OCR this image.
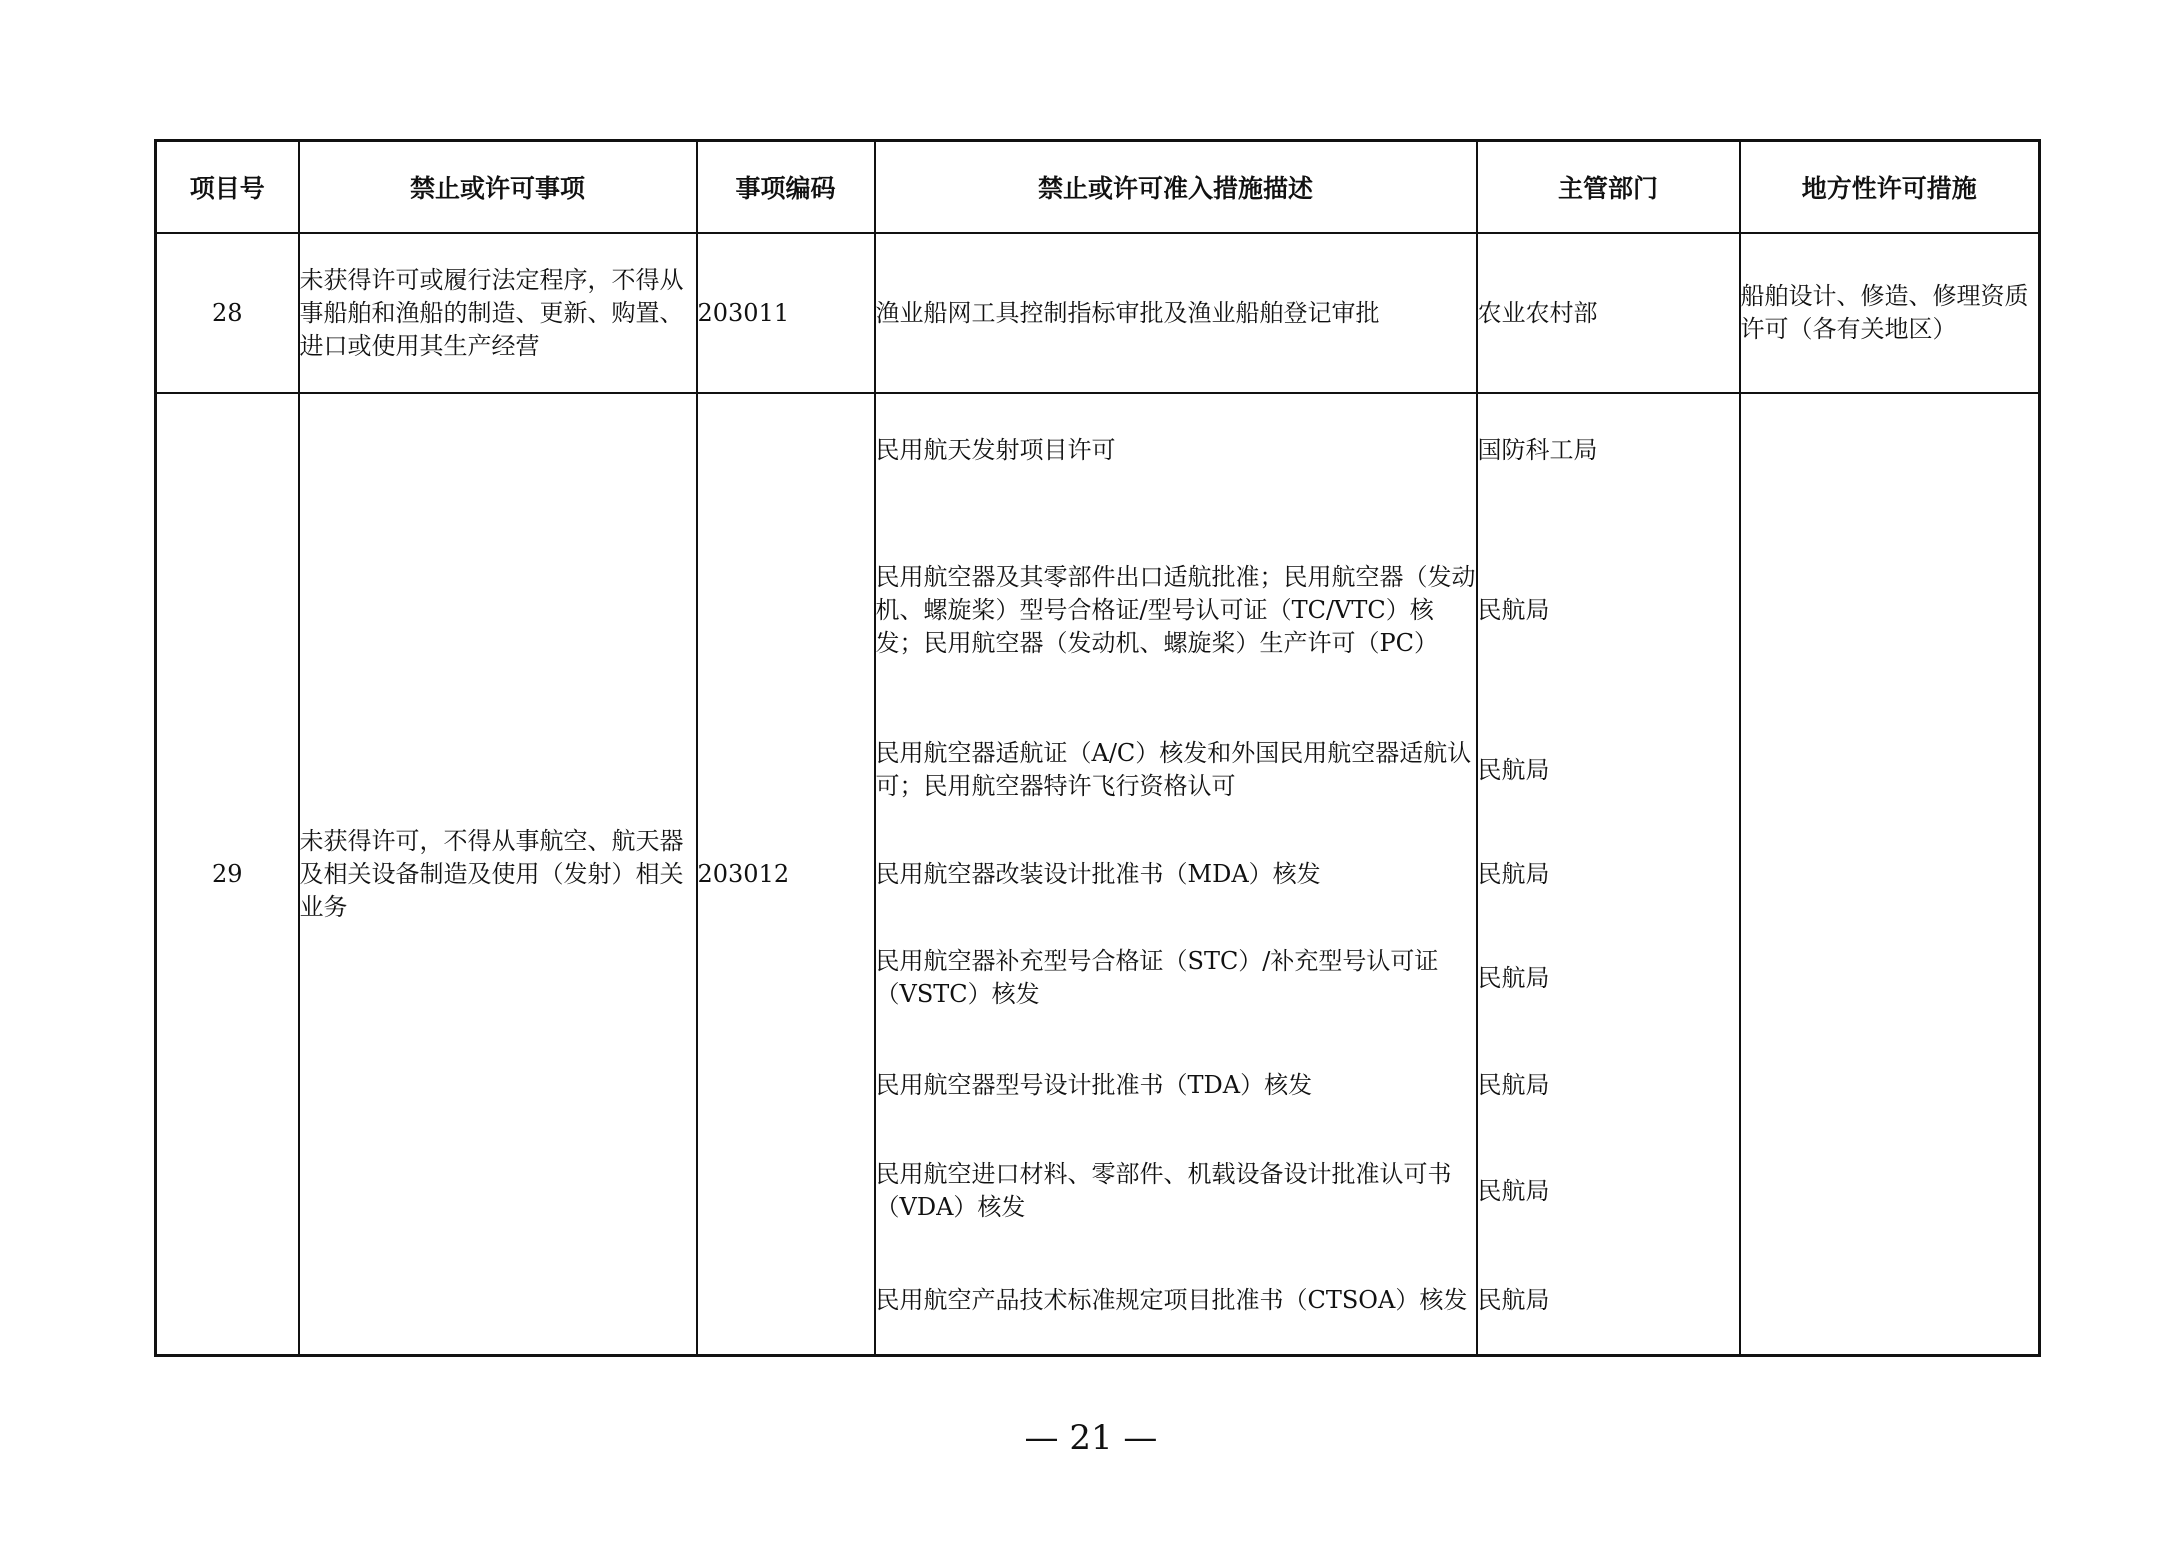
项目号	禁止或许可事项	事项编码	禁止或许可准入措施描述	主管部门	地方性许可措施
28	未获得许可或履行法定程序，不得从事船舶和渔船的制造、更新、购置、进口或使用其生产经营	203011	渔业船网工具控制指标审批及渔业船舶登记审批	农业农村部	船舶设计、修造、修理资质许可（各有关地区）
29	未获得许可，不得从事航空、航天器及相关设备制造及使用（发射）相关业务	203012	民用航天发射项目许可	国防科工局	
			民用航空器及其零部件出口适航批准；民用航空器（发动机、螺旋桨）型号合格证/型号认可证（TC/VTC）核发；民用航空器（发动机、螺旋桨）生产许可（PC）	民航局	
			民用航空器适航证（A/C）核发和外国民用航空器适航认可；民用航空器特许飞行资格认可	民航局	
			民用航空器改装设计批准书（MDA）核发	民航局	
			民用航空器补充型号合格证（STC）/补充型号认可证（VSTC）核发	民航局	
			民用航空器型号设计批准书（TDA）核发	民航局	
			民用航空进口材料、零部件、机载设备设计批准认可书（VDA）核发	民航局	
			民用航空产品技术标准规定项目批准书（CTSOA）核发	民航局	
— 21 —
